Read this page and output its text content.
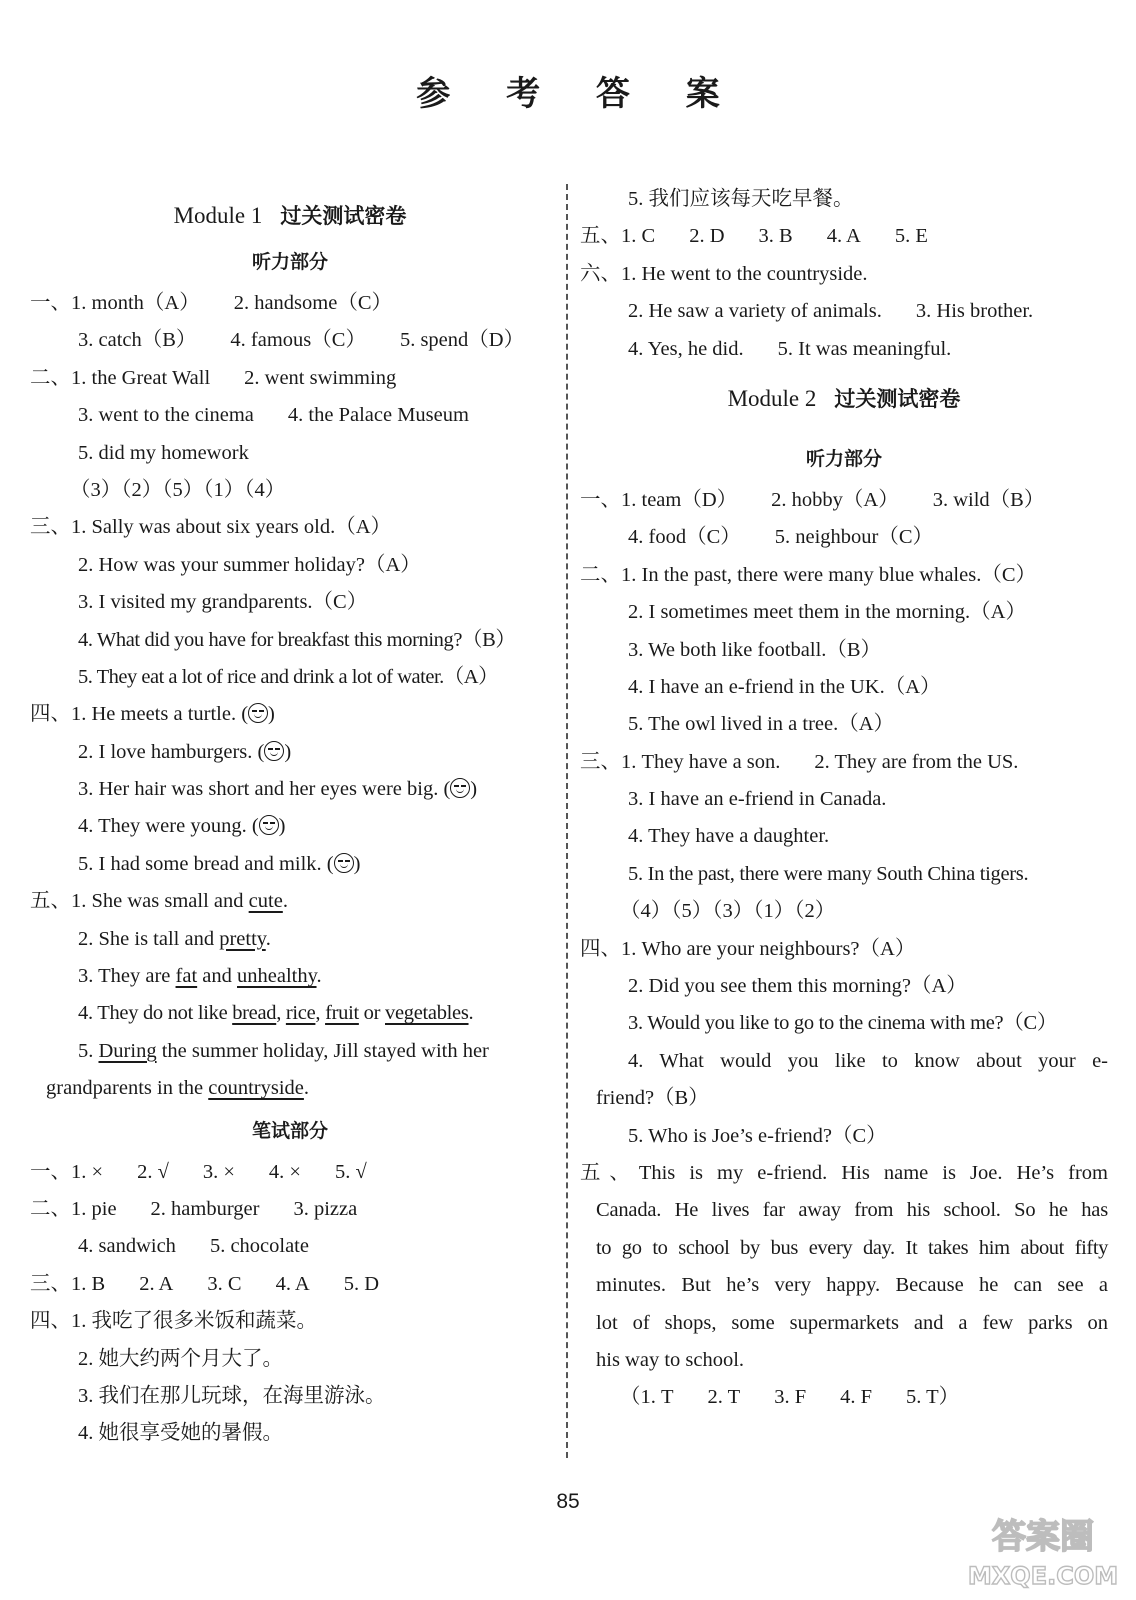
参 考 答 案
Module 1 过关测试密卷
听力部分
一、1. month（A） 2. handsome（C）
3. catch（B） 4. famous（C） 5. spend（D）
二、1. the Great Wall 2. went swimming
3. went to the cinema 4. the Palace Museum
5. did my homework
（3）（2）（5）（1）（4）
三、1. Sally was about six years old.（A）
2. How was your summer holiday?（A）
3. I visited my grandparents.（C）
4. What did you have for breakfast this morning?（B）
5. They eat a lot of rice and drink a lot of water.（A）
四、1. He meets a turtle. ( )
2. I love hamburgers. ( )
3. Her hair was short and her eyes were big. ( )
4. They were young. ( )
5. I had some bread and milk. ( )
五、1. She was small and cute.
2. She is tall and pretty.
3. They are fat and unhealthy.
4. They do not like bread, rice, fruit or vegetables.
5. During the summer holiday, Jill stayed with her
grandparents in the countryside.
笔试部分
一、1. × 2. √ 3. × 4. × 5. √
二、1. pie 2. hamburger 3. pizza
4. sandwich 5. chocolate
三、1. B 2. A 3. C 4. A 5. D
四、1. 我吃了很多米饭和蔬菜。
2. 她大约两个月大了。
3. 我们在那儿玩球，在海里游泳。
4. 她很享受她的暑假。
5. 我们应该每天吃早餐。
五、1. C 2. D 3. B 4. A 5. E
六、1. He went to the countryside.
2. He saw a variety of animals. 3. His brother.
4. Yes, he did. 5. It was meaningful.
Module 2 过关测试密卷
听力部分
一、1. team（D） 2. hobby（A） 3. wild（B）
4. food（C） 5. neighbour（C）
二、1. In the past, there were many blue whales.（C）
2. I sometimes meet them in the morning.（A）
3. We both like football.（B）
4. I have an e-friend in the UK.（A）
5. The owl lived in a tree.（A）
三、1. They have a son. 2. They are from the US.
3. I have an e-friend in Canada.
4. They have a daughter.
5. In the past, there were many South China tigers.
（4）（5）（3）（1）（2）
四、1. Who are your neighbours?（A）
2. Did you see them this morning?（A）
3. Would you like to go to the cinema with me?（C）
4. What would you like to know about your e-
friend?（B）
5. Who is Joe’s e-friend?（C）
五、This is my e-friend. His name is Joe. He’s from
Canada. He lives far away from his school. So he has
to go to school by bus every day. It takes him about fifty
minutes. But he’s very happy. Because he can see a
lot of shops, some supermarkets and a few parks on
his way to school.
（1. T 2. T 3. F 4. F 5. T）
85
答案圈
MXQE.COM
